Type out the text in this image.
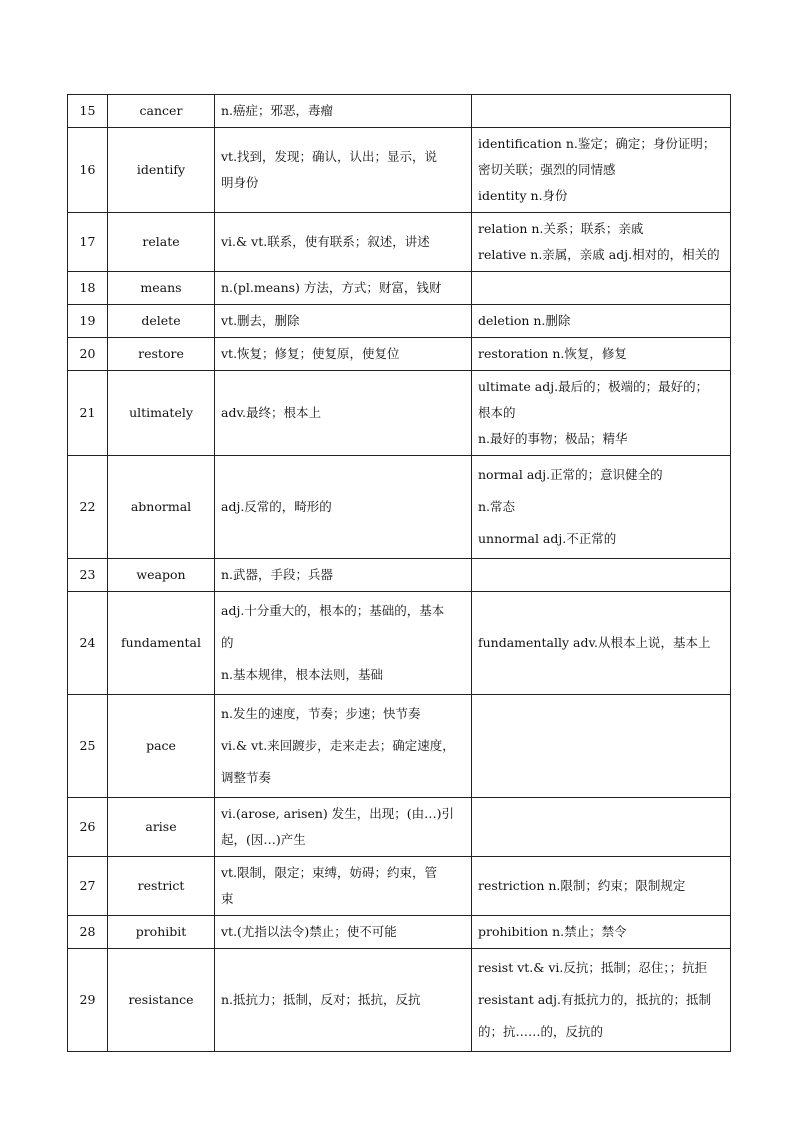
15	cancer	n.癌症；邪恶，毒瘤	

16	identify	vt.找到，发现；确认，认出；显示，说
明身份	identification n.鉴定；确定；身份证明；
密切关联；强烈的同情感
identity n.身份

17	relate	vi.& vt.联系，使有联系；叙述，讲述	relation n.关系；联系；亲戚
relative n.亲属，亲戚 adj.相对的，相关的

18	means	n.(pl.means) 方法，方式；财富，钱财	

19	delete	vt.删去，删除	deletion n.删除

20	restore	vt.恢复；修复；使复原，使复位	restoration n.恢复，修复

21	ultimately	adv.最终；根本上	ultimate adj.最后的；极端的；最好的；
根本的
n.最好的事物；极品；精华

22	abnormal	adj.反常的，畸形的	normal adj.正常的；意识健全的
n.常态
unnormal adj.不正常的

23	weapon	n.武器，手段；兵器	

24	fundamental	adj.十分重大的，根本的；基础的，基本
的
n.基本规律，根本法则，基础	fundamentally adv.从根本上说，基本上

25	pace	n.发生的速度，节奏；步速；快节奏
vi.& vt.来回踱步，走来走去；确定速度，
调整节奏	

26	arise	vi.(arose, arisen) 发生，出现；(由…)引
起，(因…)产生	

27	restrict	vt.限制，限定；束缚，妨碍；约束，管
束	restriction n.限制；约束；限制规定

28	prohibit	vt.(尤指以法令)禁止；使不可能	prohibition n.禁止；禁令

29	resistance	n.抵抗力；抵制，反对；抵抗，反抗	resist vt.& vi.反抗；抵制；忍住；；抗拒
resistant adj.有抵抗力的，抵抗的；抵制
的；抗……的，反抗的
